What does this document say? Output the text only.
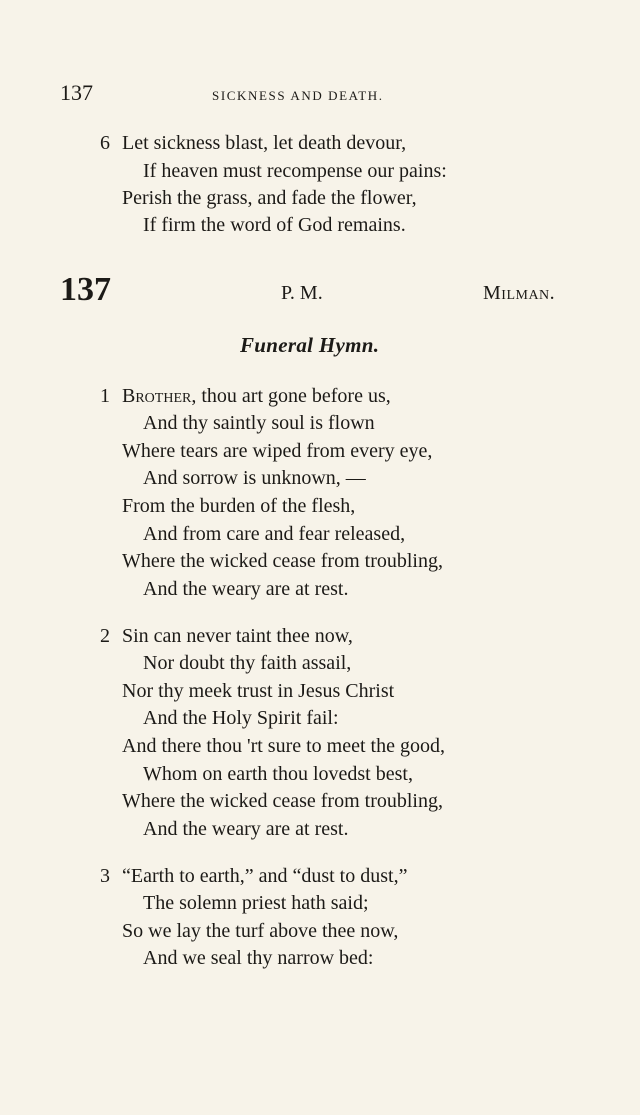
137	SICKNESS AND DEATH.
6 Let sickness blast, let death devour,
If heaven must recompense our pains:
Perish the grass, and fade the flower,
If firm the word of God remains.
137	P. M.	Milman.
Funeral Hymn.
1 Brother, thou art gone before us,
And thy saintly soul is flown
Where tears are wiped from every eye,
And sorrow is unknown, —
From the burden of the flesh,
And from care and fear released,
Where the wicked cease from troubling,
And the weary are at rest.
2 Sin can never taint thee now,
Nor doubt thy faith assail,
Nor thy meek trust in Jesus Christ
And the Holy Spirit fail:
And there thou 'rt sure to meet the good,
Whom on earth thou lovedst best,
Where the wicked cease from troubling,
And the weary are at rest.
3 “Earth to earth,” and “dust to dust,”
The solemn priest hath said;
So we lay the turf above thee now,
And we seal thy narrow bed:
